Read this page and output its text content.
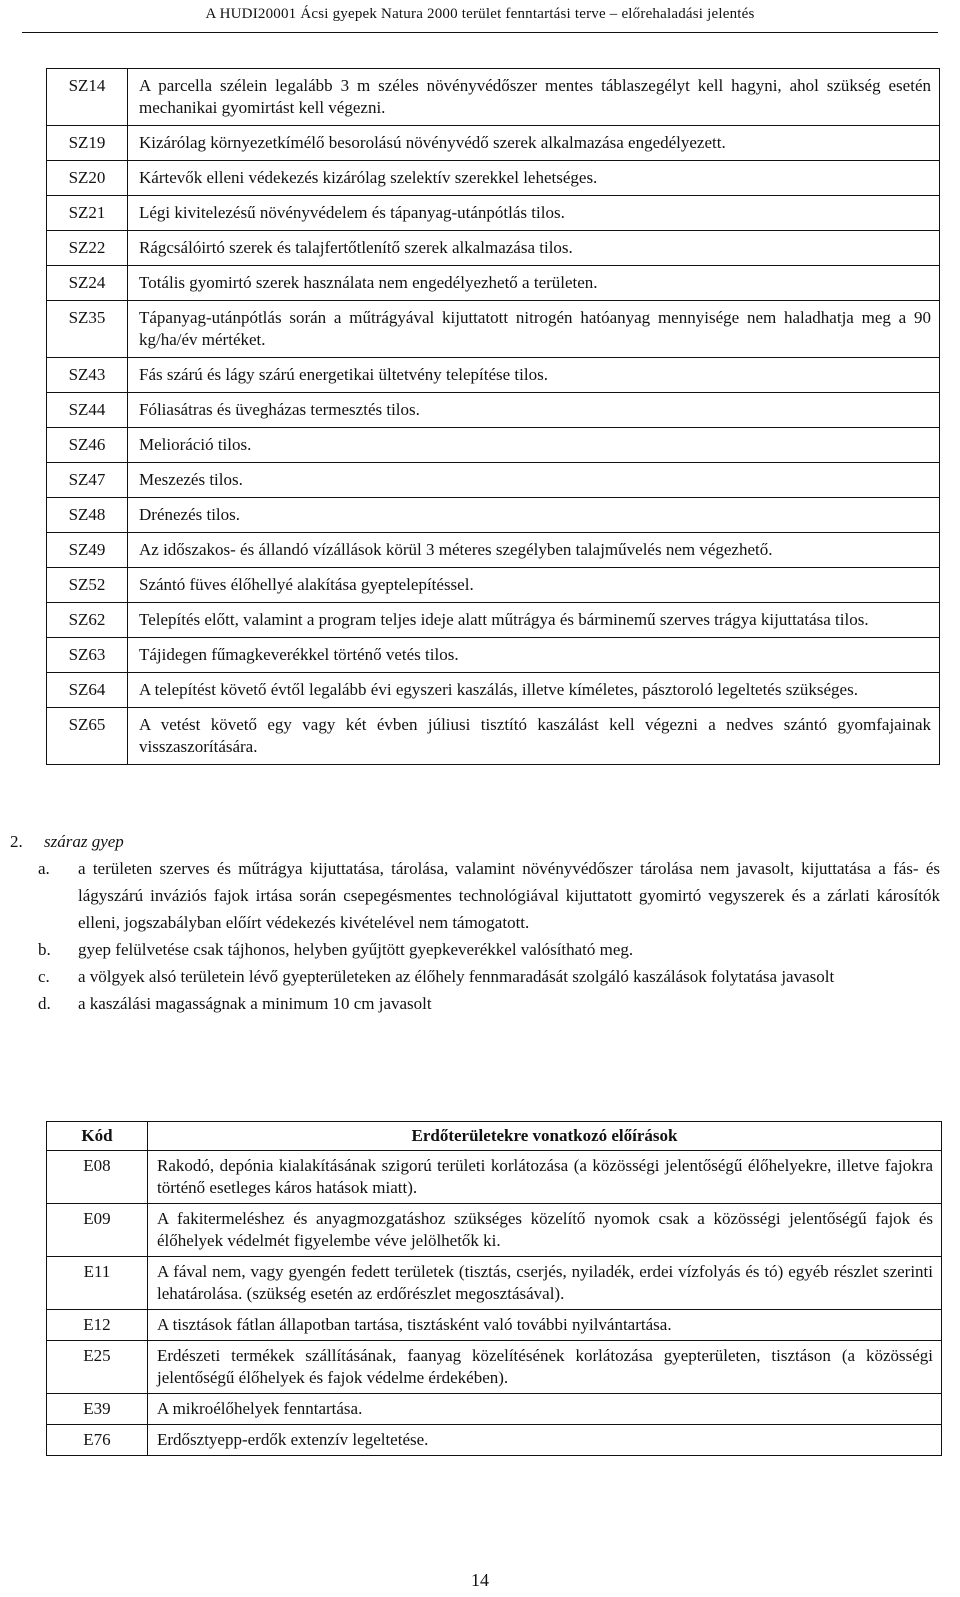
A HUDI20001 Ácsi gyepek Natura 2000 terület fenntartási terve – előrehaladási jelentés
SZ14	A parcella szélein legalább 3 m széles növényvédőszer mentes táblaszegélyt kell hagyni, ahol szükség esetén mechanikai gyomirtást kell végezni.
SZ19	Kizárólag környezetkímélő besorolású növényvédő szerek alkalmazása engedélyezett.
SZ20	Kártevők elleni védekezés kizárólag szelektív szerekkel lehetséges.
SZ21	Légi kivitelezésű növényvédelem és tápanyag-utánpótlás tilos.
SZ22	Rágcsálóirtó szerek és talajfertőtlenítő szerek alkalmazása tilos.
SZ24	Totális gyomirtó szerek használata nem engedélyezhető a területen.
SZ35	Tápanyag-utánpótlás során a műtrágyával kijuttatott nitrogén hatóanyag mennyisége nem haladhatja meg a 90 kg/ha/év mértéket.
SZ43	Fás szárú és lágy szárú energetikai ültetvény telepítése tilos.
SZ44	Fóliasátras és üvegházas termesztés tilos.
SZ46	Melioráció tilos.
SZ47	Meszezés tilos.
SZ48	Drénezés tilos.
SZ49	Az időszakos- és állandó vízállások körül 3 méteres szegélyben talajművelés nem végezhető.
SZ52	Szántó füves élőhellyé alakítása gyeptelepítéssel.
SZ62	Telepítés előtt, valamint a program teljes ideje alatt műtrágya és bárminemű szerves trágya kijuttatása tilos.
SZ63	Tájidegen fűmagkeverékkel történő vetés tilos.
SZ64	A telepítést követő évtől legalább évi egyszeri kaszálás, illetve kíméletes, pásztoroló legeltetés szükséges.
SZ65	A vetést követő egy vagy két évben júliusi tisztító kaszálást kell végezni a nedves szántó gyomfajainak visszaszorítására.
2. száraz gyep
a. a területen szerves és műtrágya kijuttatása, tárolása, valamint növényvédőszer tárolása nem javasolt, kijuttatása a fás- és lágyszárú inváziós fajok irtása során csepegésmentes technológiával kijuttatott gyomirtó vegyszerek és a zárlati károsítók elleni, jogszabályban előírt védekezés kivételével nem támogatott.
b. gyep felülvetése csak tájhonos, helyben gyűjtött gyepkeverékkel valósítható meg.
c. a völgyek alsó területein lévő gyepterületeken az élőhely fennmaradását szolgáló kaszálások folytatása javasolt
d. a kaszálási magasságnak a minimum 10 cm javasolt
Kód	Erdőterületekre vonatkozó előírások
E08	Rakodó, depónia kialakításának szigorú területi korlátozása (a közösségi jelentőségű élőhelyekre, illetve fajokra történő esetleges káros hatások miatt).
E09	A fakitermeléshez és anyagmozgatáshoz szükséges közelítő nyomok csak a közösségi jelentőségű fajok és élőhelyek védelmét figyelembe véve jelölhetők ki.
E11	A fával nem, vagy gyengén fedett területek (tisztás, cserjés, nyiladék, erdei vízfolyás és tó) egyéb részlet szerinti lehatárolása. (szükség esetén az erdőrészlet megosztásával).
E12	A tisztások fátlan állapotban tartása, tisztásként való további nyilvántartása.
E25	Erdészeti termékek szállításának, faanyag közelítésének korlátozása gyepterületen, tisztáson (a közösségi jelentőségű élőhelyek és fajok védelme érdekében).
E39	A mikroélőhelyek fenntartása.
E76	Erdősztyepp-erdők extenzív legeltetése.
14
